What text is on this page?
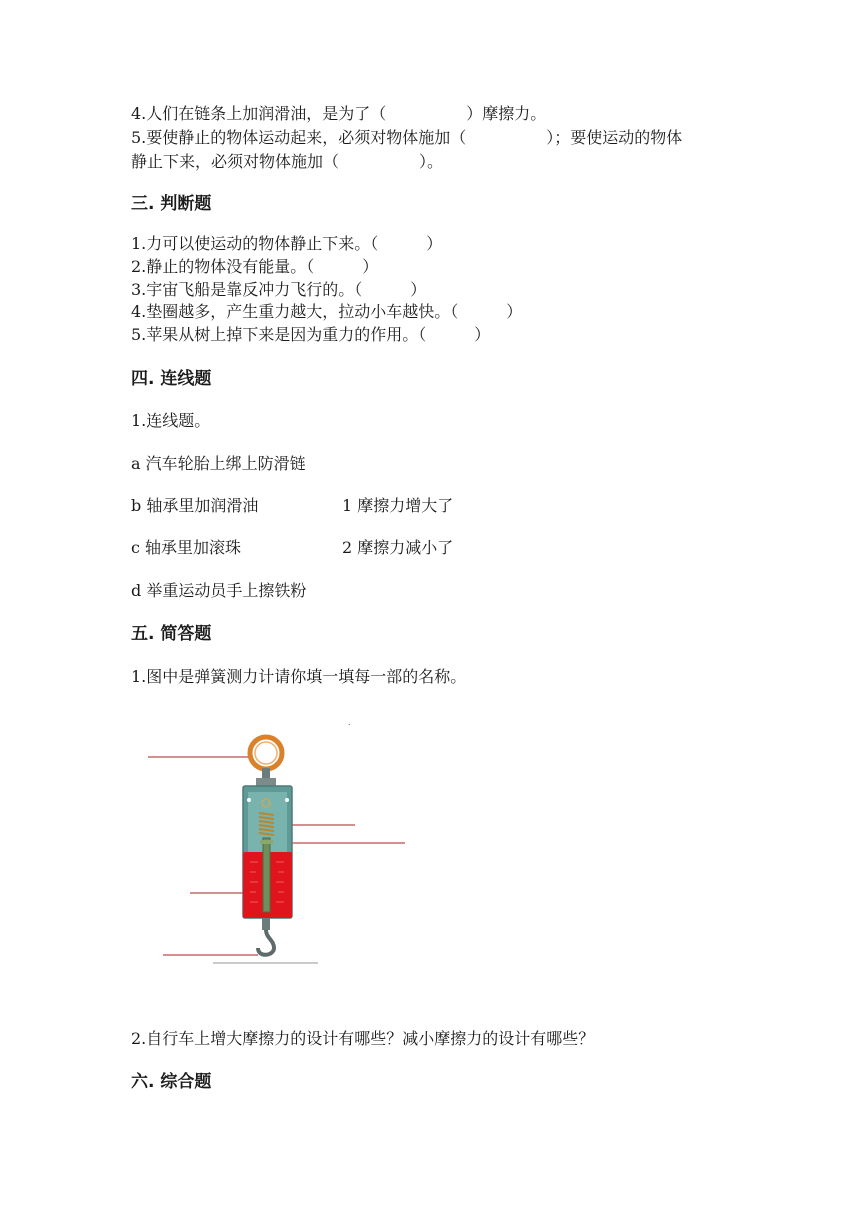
4.人们在链条上加润滑油，是为了（　　　　　）摩擦力。
5.要使静止的物体运动起来，必须对物体施加（　　　　　）；要使运动的物体
静止下来，必须对物体施加（　　　　　）。
三. 判断题
1.力可以使运动的物体静止下来。（　　　）
2.静止的物体没有能量。（　　　）
3.宇宙飞船是靠反冲力飞行的。（　　　）
4.垫圈越多，产生重力越大，拉动小车越快。（　　　）
5.苹果从树上掉下来是因为重力的作用。（　　　）
四. 连线题
1.连线题。
a 汽车轮胎上绑上防滑链
b 轴承里加润滑油	1 摩擦力增大了
c 轴承里加滚珠	2 摩擦力减小了
d 举重运动员手上擦铁粉
五. 简答题
1.图中是弹簧测力计请你填一填每一部的名称。
.
2.自行车上增大摩擦力的设计有哪些？减小摩擦力的设计有哪些？
六. 综合题
